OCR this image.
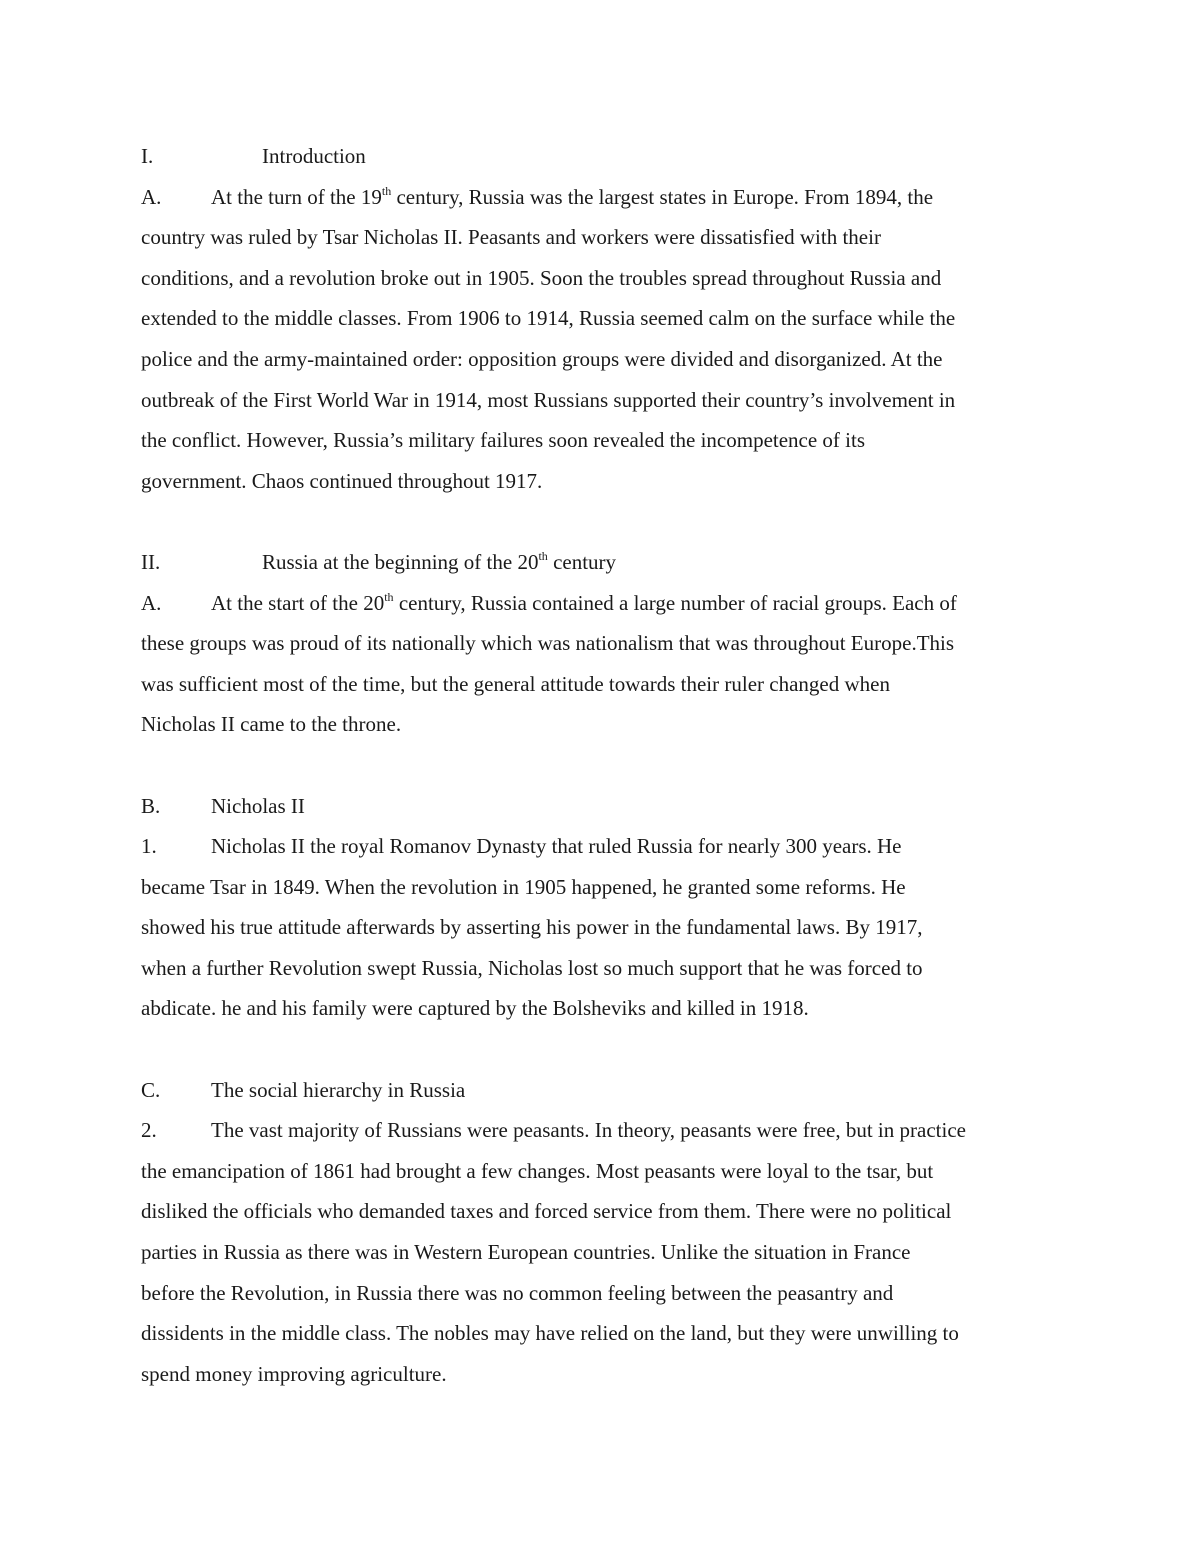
I.	Introduction
A. At the turn of the 19th century, Russia was the largest states in Europe. From 1894, the
country was ruled by Tsar Nicholas II. Peasants and workers were dissatisfied with their
conditions, and a revolution broke out in 1905. Soon the troubles spread throughout Russia and
extended to the middle classes. From 1906 to 1914, Russia seemed calm on the surface while the
police and the army-maintained order: opposition groups were divided and disorganized. At the
outbreak of the First World War in 1914, most Russians supported their country’s involvement in
the conflict. However, Russia’s military failures soon revealed the incompetence of its
government. Chaos continued throughout 1917.
II.	Russia at the beginning of the 20th century
A. At the start of the 20th century, Russia contained a large number of racial groups. Each of
these groups was proud of its nationally which was nationalism that was throughout Europe.This
was sufficient most of the time, but the general attitude towards their ruler changed when
Nicholas II came to the throne.
B. Nicholas II
1.	Nicholas II the royal Romanov Dynasty that ruled Russia for nearly 300 years. He
became Tsar in 1849. When the revolution in 1905 happened, he granted some reforms. He
showed his true attitude afterwards by asserting his power in the fundamental laws. By 1917,
when a further Revolution swept Russia, Nicholas lost so much support that he was forced to
abdicate. he and his family were captured by the Bolsheviks and killed in 1918.
C. The social hierarchy in Russia
2.	The vast majority of Russians were peasants. In theory, peasants were free, but in practice
the emancipation of 1861 had brought a few changes. Most peasants were loyal to the tsar, but
disliked the officials who demanded taxes and forced service from them. There were no political
parties in Russia as there was in Western European countries. Unlike the situation in France
before the Revolution, in Russia there was no common feeling between the peasantry and
dissidents in the middle class. The nobles may have relied on the land, but they were unwilling to
spend money improving agriculture.
